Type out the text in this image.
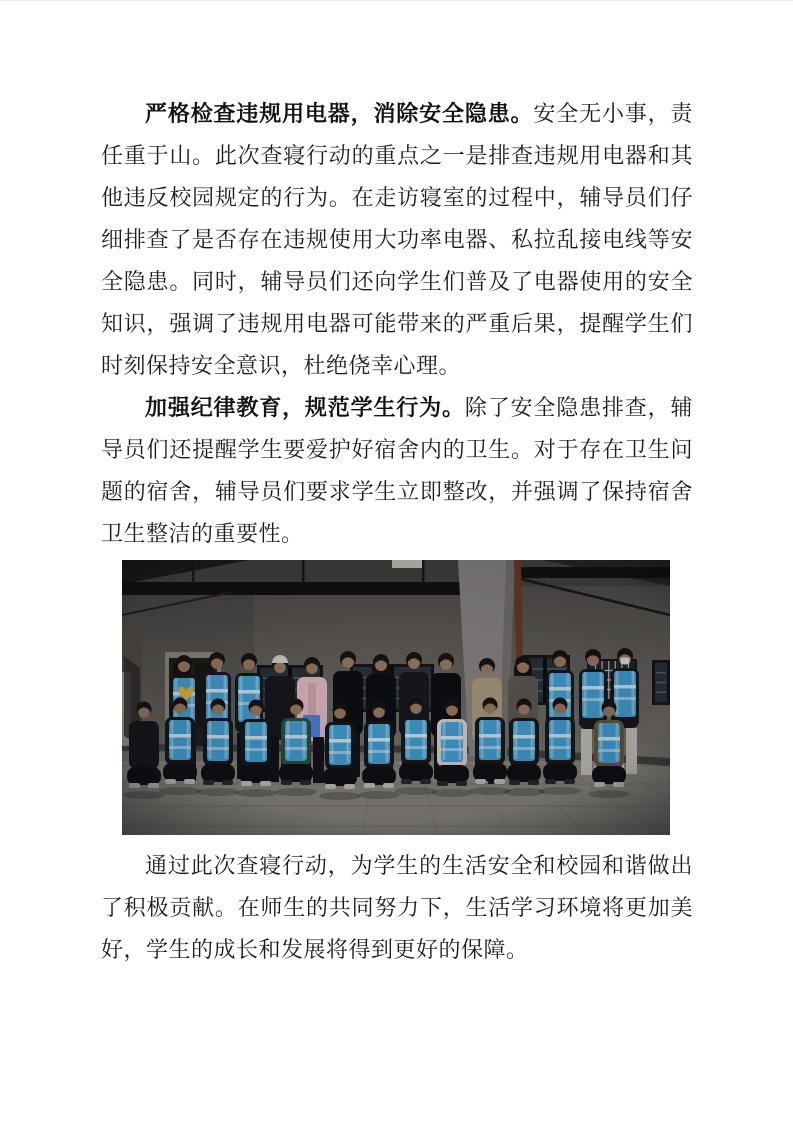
严格检查违规用电器，消除安全隐患。安全无小事，责任重于山。此次查寝行动的重点之一是排查违规用电器和其他违反校园规定的行为。在走访寝室的过程中，辅导员们仔细排查了是否存在违规使用大功率电器、私拉乱接电线等安全隐患。同时，辅导员们还向学生们普及了电器使用的安全知识，强调了违规用电器可能带来的严重后果，提醒学生们时刻保持安全意识，杜绝侥幸心理。

加强纪律教育，规范学生行为。除了安全隐患排查，辅导员们还提醒学生要爱护好宿舍内的卫生。对于存在卫生问题的宿舍，辅导员们要求学生立即整改，并强调了保持宿舍卫生整洁的重要性。

通过此次查寝行动，为学生的生活安全和校园和谐做出了积极贡献。在师生的共同努力下，生活学习环境将更加美好，学生的成长和发展将得到更好的保障。
